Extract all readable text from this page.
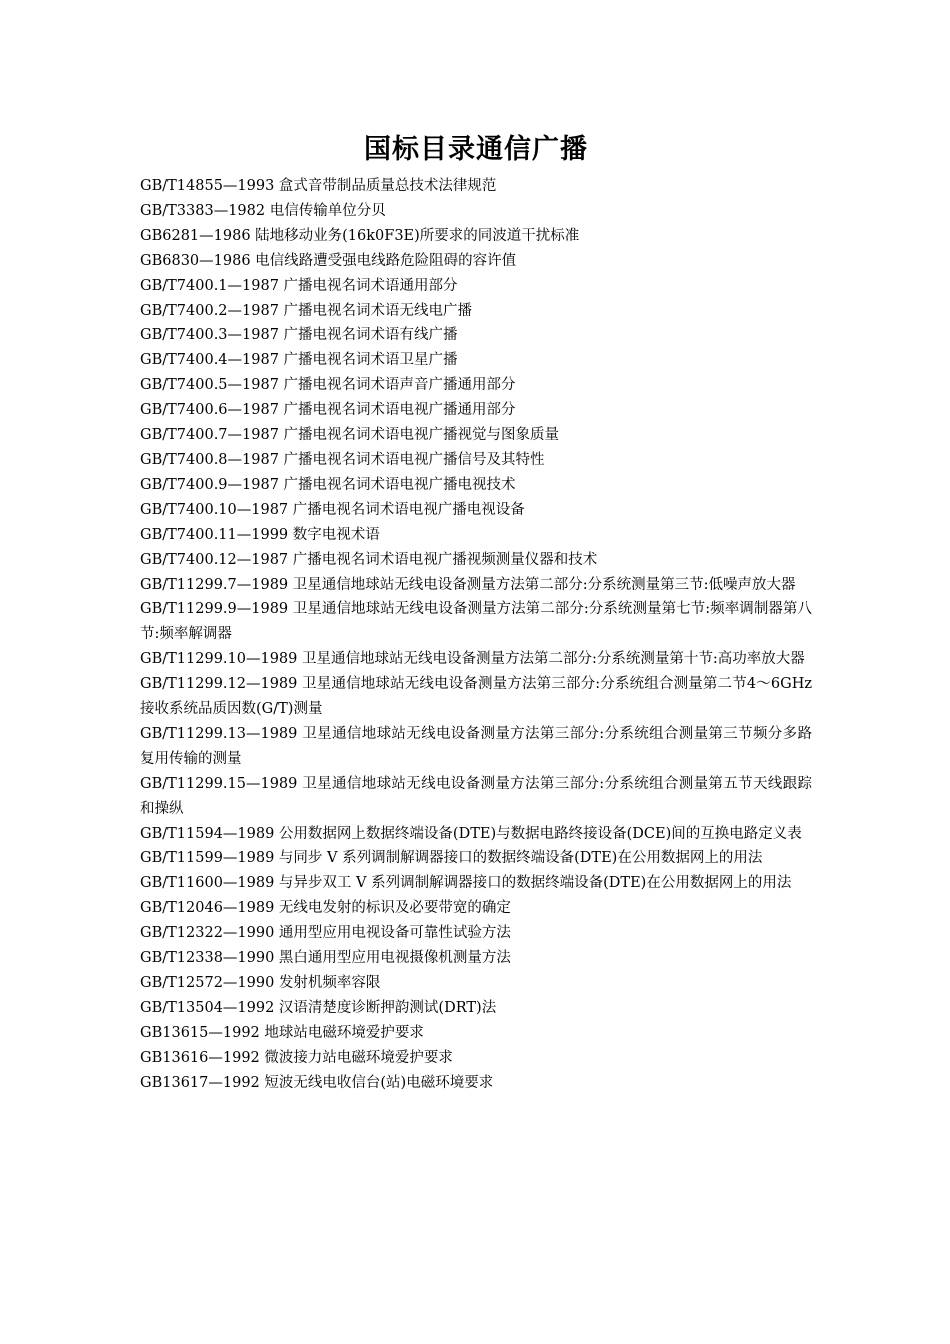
国标目录通信广播
GB/T14855—1993 盒式音带制品质量总技术法律规范
GB/T3383—1982 电信传输单位分贝
GB6281—1986 陆地移动业务(16k0F3E)所要求的同波道干扰标准
GB6830—1986 电信线路遭受强电线路危险阻碍的容许值
GB/T7400.1—1987 广播电视名词术语通用部分
GB/T7400.2—1987 广播电视名词术语无线电广播
GB/T7400.3—1987 广播电视名词术语有线广播
GB/T7400.4—1987 广播电视名词术语卫星广播
GB/T7400.5—1987 广播电视名词术语声音广播通用部分
GB/T7400.6—1987 广播电视名词术语电视广播通用部分
GB/T7400.7—1987 广播电视名词术语电视广播视觉与图象质量
GB/T7400.8—1987 广播电视名词术语电视广播信号及其特性
GB/T7400.9—1987 广播电视名词术语电视广播电视技术
GB/T7400.10—1987 广播电视名词术语电视广播电视设备
GB/T7400.11—1999 数字电视术语
GB/T7400.12—1987 广播电视名词术语电视广播视频测量仪器和技术
GB/T11299.7—1989 卫星通信地球站无线电设备测量方法第二部分:分系统测量第三节:低噪声放大器
GB/T11299.9—1989 卫星通信地球站无线电设备测量方法第二部分:分系统测量第七节:频率调制器第八节:频率解调器
GB/T11299.10—1989 卫星通信地球站无线电设备测量方法第二部分:分系统测量第十节:高功率放大器
GB/T11299.12—1989 卫星通信地球站无线电设备测量方法第三部分:分系统组合测量第二节4～6GHz 接收系统品质因数(G/T)测量
GB/T11299.13—1989 卫星通信地球站无线电设备测量方法第三部分:分系统组合测量第三节频分多路复用传输的测量
GB/T11299.15—1989 卫星通信地球站无线电设备测量方法第三部分:分系统组合测量第五节天线跟踪和操纵
GB/T11594—1989 公用数据网上数据终端设备(DTE)与数据电路终接设备(DCE)间的互换电路定义表
GB/T11599—1989 与同步 V 系列调制解调器接口的数据终端设备(DTE)在公用数据网上的用法
GB/T11600—1989 与异步双工 V 系列调制解调器接口的数据终端设备(DTE)在公用数据网上的用法
GB/T12046—1989 无线电发射的标识及必要带宽的确定
GB/T12322—1990 通用型应用电视设备可靠性试验方法
GB/T12338—1990 黑白通用型应用电视摄像机测量方法
GB/T12572—1990 发射机频率容限
GB/T13504—1992 汉语清楚度诊断押韵测试(DRT)法
GB13615—1992 地球站电磁环境爱护要求
GB13616—1992 微波接力站电磁环境爱护要求
GB13617—1992 短波无线电收信台(站)电磁环境要求
